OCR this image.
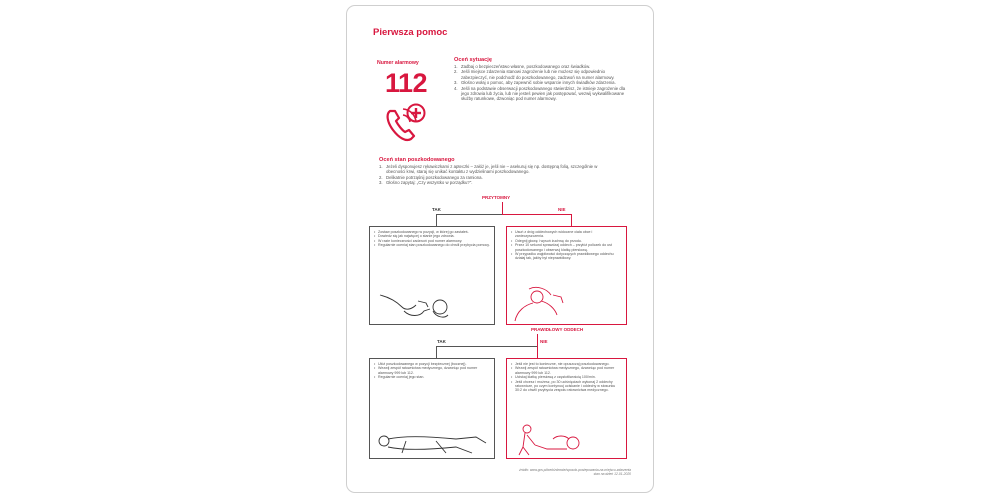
Pierwsza pomoc
Numer alarmowy
112
Oceń sytuację
1. Zadbaj o bezpieczeństwo własne, poszkodowanego oraz świadków.
2. Jeśli miejsce zdarzenia stanowi zagrożenie lub nie możesz się odpowiednio zabezpieczyć, nie podchodź do poszkodowanego, zadzwoń na numer alarmowy.
3. Głośno wołaj o pomoc, aby zapewnić sobie wsparcie innych świadków zdarzenia.
4. Jeśli na podstawie obserwacji poszkodowanego stwierdzisz, że istnieje zagrożenie dla jego zdrowia lub życia, lub nie jesteś pewien jak postępować, wezwij wykwalifikowane służby ratunkowe, dzwoniąc pod numer alarmowy.
Oceń stan poszkodowanego
1. Jeżeli dysponujesz rękawiczkami z apteczki – załóż je, jeśli nie – asekuruj się np. dostępną folią, szczególnie w obecności krwi, staraj się unikać kontaktu z wydzielinami poszkodowanego.
2. Delikatnie potrząśnij poszkodowanego za ramiona.
3. Głośno zapytaj: „Czy wszystko w porządku?”.
PRZYTOMNY
TAK	NIE
• Zostaw poszkodowanego w pozycji, w której go zastałeś.
• Dowiedz się jak najwięcej o stanie jego zdrowia.
• W razie konieczności zadzwoń pod numer alarmowy.
• Regularnie oceniaj stan poszkodowanego do chwili przybycia pomocy.
• Usuń z dróg oddechowych widoczne ciała obce i zanieczyszczenia.
• Odegnij głowę i wysuń żuchwę do przodu.
• Przez 10 sekund sprawdzaj oddech – przyłóż policzek do ust poszkodowanego i obserwuj klatkę piersiową.
• W przypadku wątpliwości dotyczących prawidłowego oddechu działaj tak, jakby był nieprawidłowy.
PRAWIDŁOWY ODDECH
TAK	NIE
• Ułóż poszkodowanego w pozycji bezpiecznej (bocznej).
• Wezwij zespół ratownictwa medycznego, dzwoniąc pod numer alarmowy 999 lub 112.
• Regularnie oceniaj jego stan.
• Jeśli nie jest to konieczne, nie opuszczaj poszkodowanego.
• Wezwij zespół ratownictwa medycznego, dzwoniąc pod numer alarmowy 999 lub 112.
• Uciskaj klatkę piersiową z częstotliwością 100/min.
• Jeśli chcesz i możesz, po 30 uciśnięciach wykonaj 2 oddechy ratownicze, po czym kontynuuj uciskanie i oddechy w stosunku 30:2 do chwili przybycia zespołu ratownictwa medycznego.
źródło: www.gov.pl/web/zdrowie/sposob-postepowania-na-miejscu-zdarzenia
stan na dzień 12-01-2020
